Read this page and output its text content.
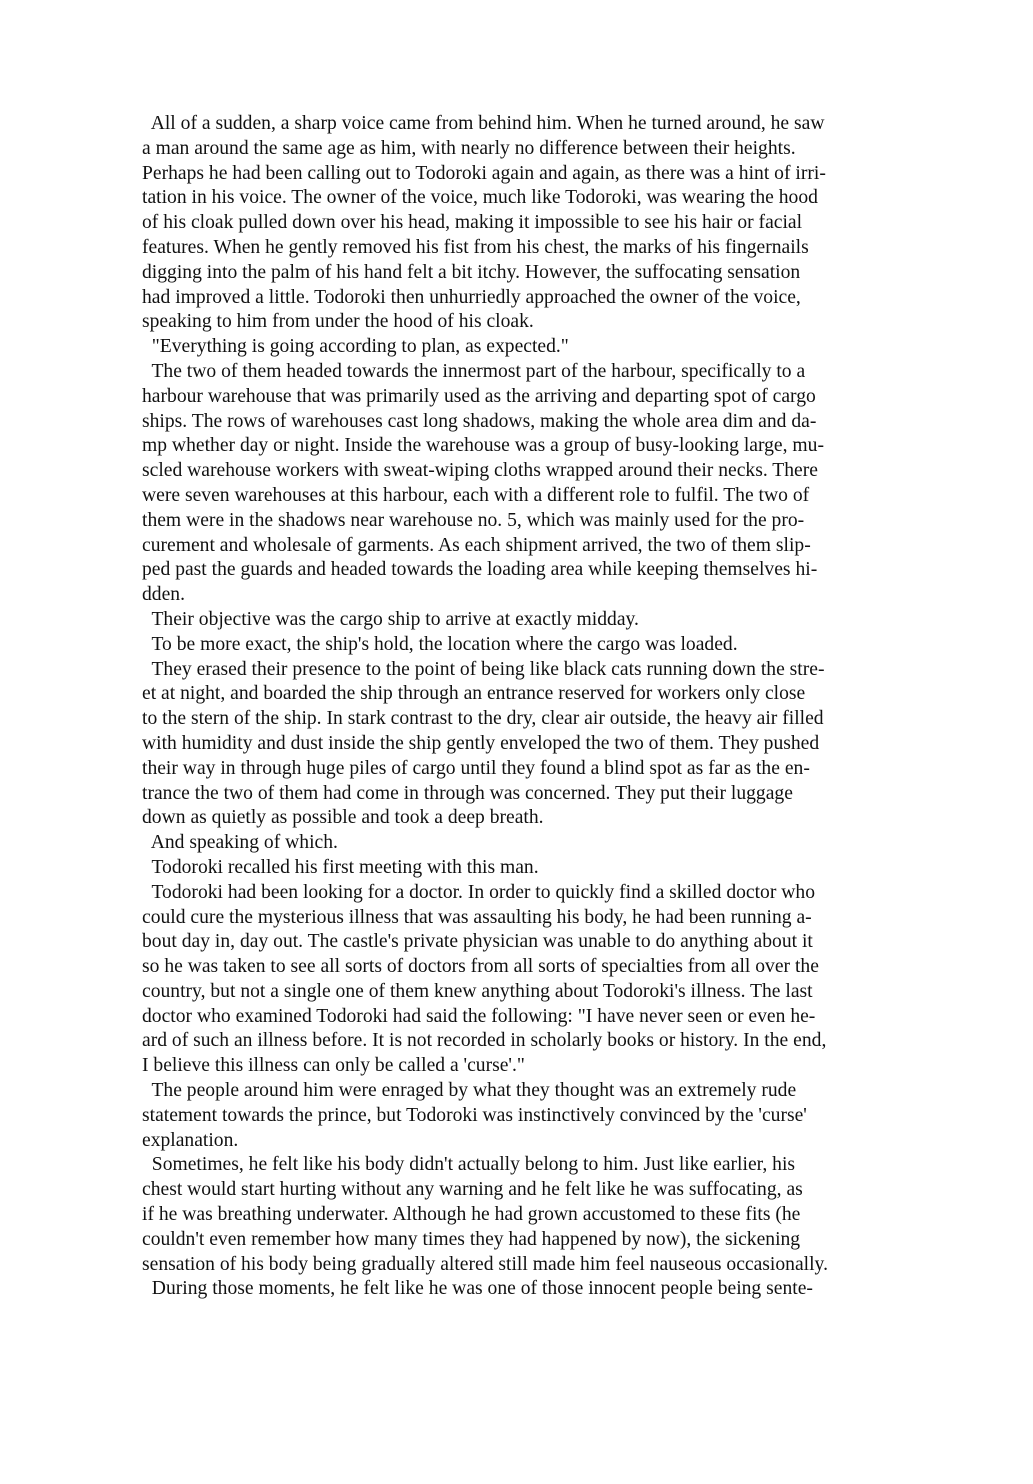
All of a sudden, a sharp voice came from behind him. When he turned around, he saw
a man around the same age as him, with nearly no difference between their heights.
Perhaps he had been calling out to Todoroki again and again, as there was a hint of irri-
tation in his voice. The owner of the voice, much like Todoroki, was wearing the hood
of his cloak pulled down over his head, making it impossible to see his hair or facial
features. When he gently removed his fist from his chest, the marks of his fingernails
digging into the palm of his hand felt a bit itchy. However, the suffocating sensation
had improved a little. Todoroki then unhurriedly approached the owner of the voice,
speaking to him from under the hood of his cloak.
"Everything is going according to plan, as expected."
The two of them headed towards the innermost part of the harbour, specifically to a
harbour warehouse that was primarily used as the arriving and departing spot of cargo
ships. The rows of warehouses cast long shadows, making the whole area dim and da-
mp whether day or night. Inside the warehouse was a group of busy-looking large, mu-
scled warehouse workers with sweat-wiping cloths wrapped around their necks. There
were seven warehouses at this harbour, each with a different role to fulfil. The two of
them were in the shadows near warehouse no. 5, which was mainly used for the pro-
curement and wholesale of garments. As each shipment arrived, the two of them slip-
ped past the guards and headed towards the loading area while keeping themselves hi-
dden.
Their objective was the cargo ship to arrive at exactly midday.
To be more exact, the ship's hold, the location where the cargo was loaded.
They erased their presence to the point of being like black cats running down the stre-
et at night, and boarded the ship through an entrance reserved for workers only close
to the stern of the ship. In stark contrast to the dry, clear air outside, the heavy air filled
with humidity and dust inside the ship gently enveloped the two of them. They pushed
their way in through huge piles of cargo until they found a blind spot as far as the en-
trance the two of them had come in through was concerned. They put their luggage
down as quietly as possible and took a deep breath.
And speaking of which.
Todoroki recalled his first meeting with this man.
Todoroki had been looking for a doctor. In order to quickly find a skilled doctor who
could cure the mysterious illness that was assaulting his body, he had been running a-
bout day in, day out. The castle's private physician was unable to do anything about it
so he was taken to see all sorts of doctors from all sorts of specialties from all over the
country, but not a single one of them knew anything about Todoroki's illness. The last
doctor who examined Todoroki had said the following: "I have never seen or even he-
ard of such an illness before. It is not recorded in scholarly books or history. In the end,
I believe this illness can only be called a 'curse'."
The people around him were enraged by what they thought was an extremely rude
statement towards the prince, but Todoroki was instinctively convinced by the 'curse'
explanation.
Sometimes, he felt like his body didn't actually belong to him. Just like earlier, his
chest would start hurting without any warning and he felt like he was suffocating, as
if he was breathing underwater. Although he had grown accustomed to these fits (he
couldn't even remember how many times they had happened by now), the sickening
sensation of his body being gradually altered still made him feel nauseous occasionally.
During those moments, he felt like he was one of those innocent people being sente-
